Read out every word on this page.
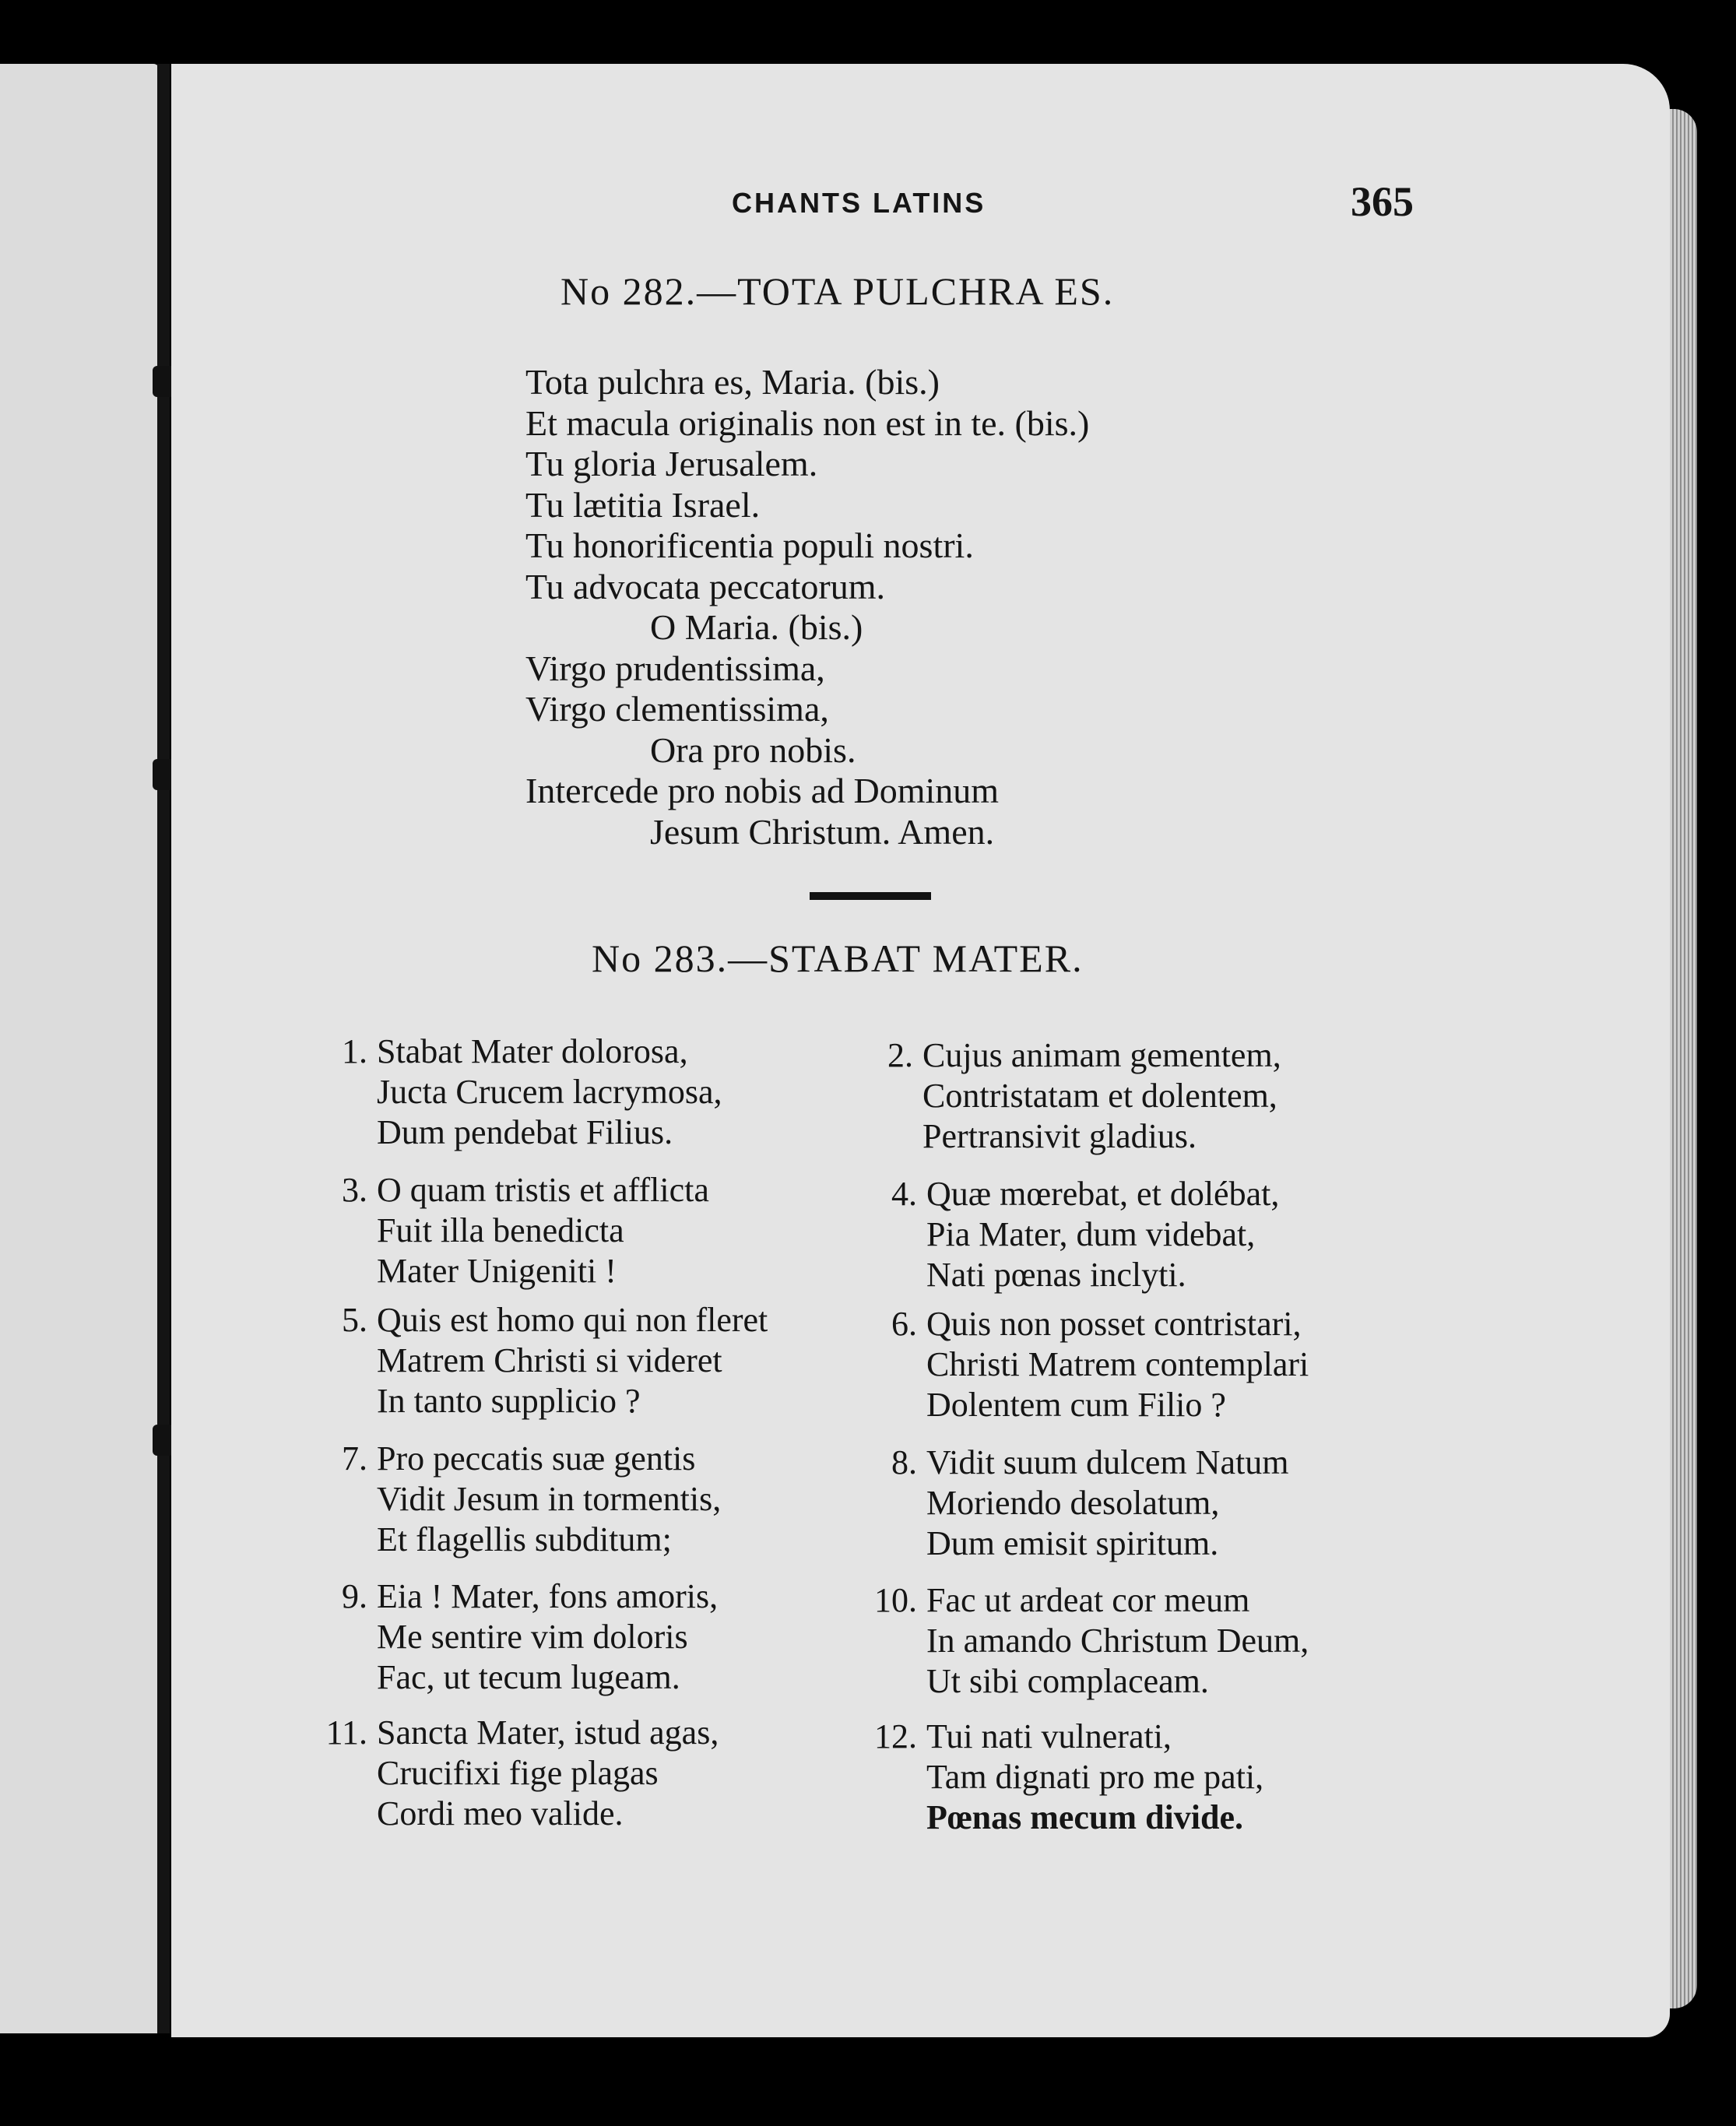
CHANTS LATINS	365
No 282.—TOTA PULCHRA ES.
Tota pulchra es, Maria. (bis.)
Et macula originalis non est in te. (bis.)
Tu gloria Jerusalem.
Tu lætitia Israel.
Tu honorificentia populi nostri.
Tu advocata peccatorum.
O Maria. (bis.)
Virgo prudentissima,
Virgo clementissima,
Ora pro nobis.
Intercede pro nobis ad Dominum
Jesum Christum. Amen.
No 283.—STABAT MATER.
1. Stabat Mater dolorosa,
Jucta Crucem lacrymosa,
Dum pendebat Filius.
2. Cujus animam gementem,
Contristatam et dolentem,
Pertransivit gladius.
3. O quam tristis et afflicta
Fuit illa benedicta
Mater Unigeniti !
4. Quæ mœrebat, et dolébat,
Pia Mater, dum videbat,
Nati pœnas inclyti.
5. Quis est homo qui non fleret
Matrem Christi si videret
In tanto supplicio ?
6. Quis non posset contristari,
Christi Matrem contemplari
Dolentem cum Filio ?
7. Pro peccatis suæ gentis
Vidit Jesum in tormentis,
Et flagellis subditum;
8. Vidit suum dulcem Natum
Moriendo desolatum,
Dum emisit spiritum.
9. Eia ! Mater, fons amoris,
Me sentire vim doloris
Fac, ut tecum lugeam.
10. Fac ut ardeat cor meum
In amando Christum Deum,
Ut sibi complaceam.
11. Sancta Mater, istud agas,
Crucifixi fige plagas
Cordi meo valide.
12. Tui nati vulnerati,
Tam dignati pro me pati,
Pœnas mecum divide.
